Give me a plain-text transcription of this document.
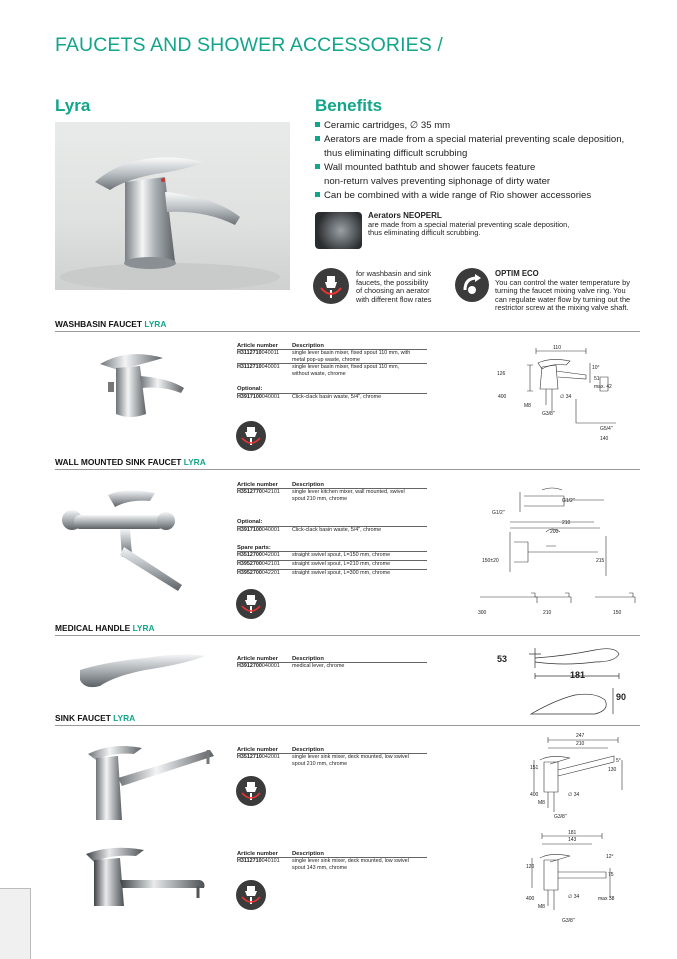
FAUCETS AND SHOWER ACCESSORIES /
Lyra	Benefits
Ceramic cartridges, ∅ 35 mm
Aerators are made from a special material preventing scale deposition,
thus eliminating difficult scrubbing
Wall mounted bathtub and shower faucets feature
non-return valves preventing siphonage of dirty water
Can be combined with a wide range of Rio shower accessories
Aerators NEOPERL
are made from a special material preventing scale deposition,
thus eliminating difficult scrubbing.
for washbasin and sink
faucets, the possibility
of choosing an aerator
with different flow rates
OPTIM ECO
You can control the water temperature by
turning the faucet mixing valve ring. You
can regulate water flow by turning out the
restrictor screw at the mixing valve shaft.
WASHBASIN FAUCET LYRA
Article number Description
H3112710040011 single lever basin mixer, fixed spout 110 mm, with
metal pop-up waste, chrome
H3112710040001 single lever basin mixer, fixed spout 110 mm,
without waste, chrome
Optional:
H3917100040001 Click-clack basin waste, 5/4", chrome
110
10°
126
51
max. 42
400	∅ 34
M8
G3/8"
G5/4"
140
WALL MOUNTED SINK FAUCET LYRA
Article number Description
H3512770042101 single lever kitchen mixer, wall mounted, swivel
spout 210 mm, chrome
Optional:
H3917100040001 Click-clack basin waste, 5/4", chrome
Spare parts:
H3512700042001 straight swivel spout, L=150 mm, chrome
H3952700042101 straight swivel spout, L=210 mm, chrome
H3952700042201 straight swivel spout, L=300 mm, chrome
G1/2"
G1/2"
210
200
150±20	215
300	210	150
MEDICAL HANDLE LYRA
Article number Description
H3912700040001 medical lever, chrome
53
181
90
SINK FAUCET LYRA
Article number Description
H3512710042001 single lever sink mixer, deck mounted, low swivel
spout 210 mm, chrome
247
210
5°
151	130
400	∅ 34
M8
G3/8"
Article number Description
H3112710040101 single lever sink mixer, deck mounted, low swivel
spout 143 mm, chrome
181
143
12°
120
75
400	∅ 34	max 38
M8
G3/8"
